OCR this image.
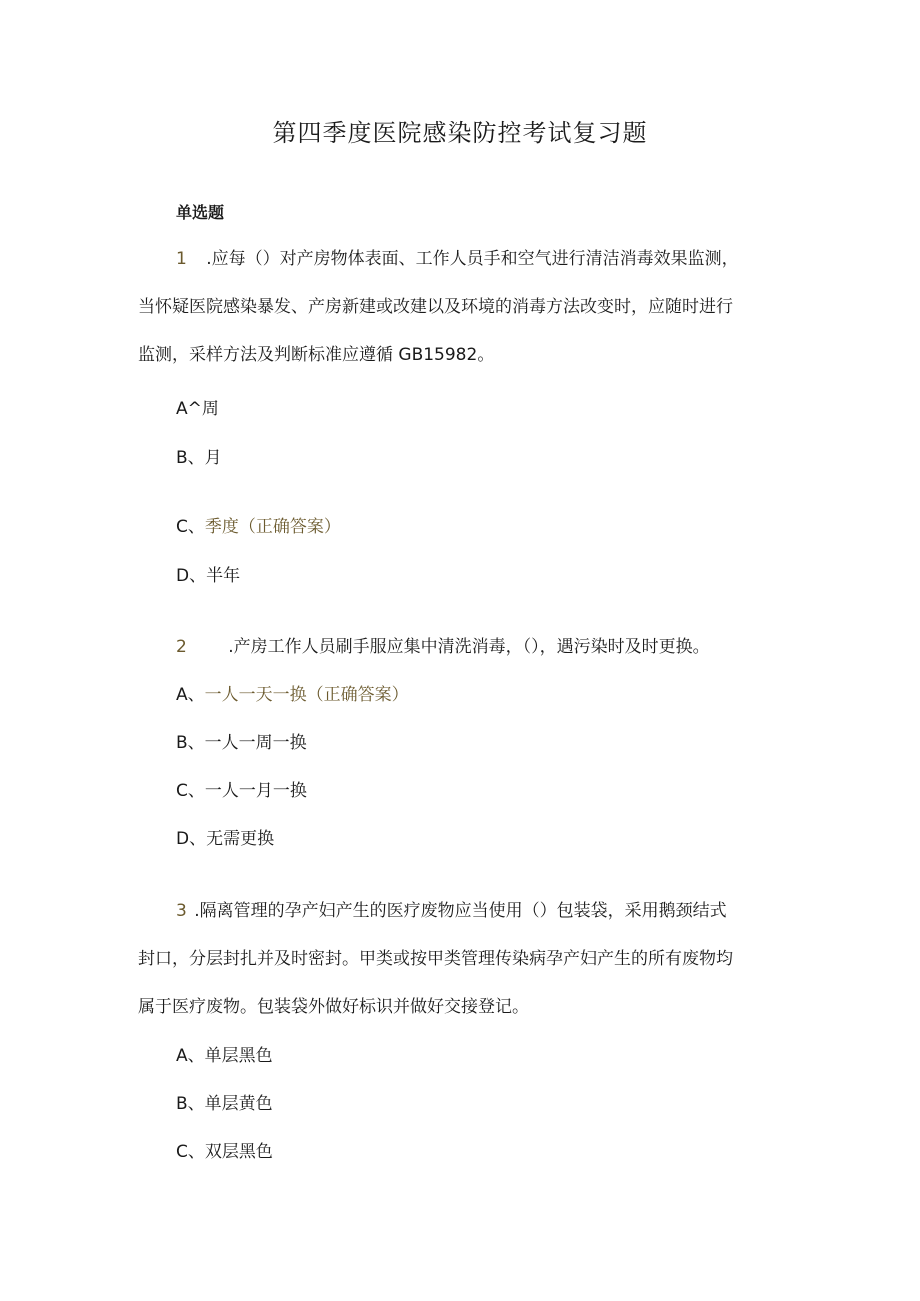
第四季度医院感染防控考试复习题
单选题
1 .应每（）对产房物体表面、工作人员手和空气进行清洁消毒效果监测，
当怀疑医院感染暴发、产房新建或改建以及环境的消毒方法改变时，应随时进行
监测，采样方法及判断标准应遵循 GB15982。
A^周
B、月
C、季度（正确答案）
D、半年
2 .产房工作人员刷手服应集中清洗消毒，（），遇污染时及时更换。
A、一人一天一换（正确答案）
B、一人一周一换
C、一人一月一换
D、无需更换
3 .隔离管理的孕产妇产生的医疗废物应当使用（）包装袋，采用鹅颈结式
封口，分层封扎并及时密封。甲类或按甲类管理传染病孕产妇产生的所有废物均
属于医疗废物。包装袋外做好标识并做好交接登记。
A、单层黑色
B、单层黄色
C、双层黑色
